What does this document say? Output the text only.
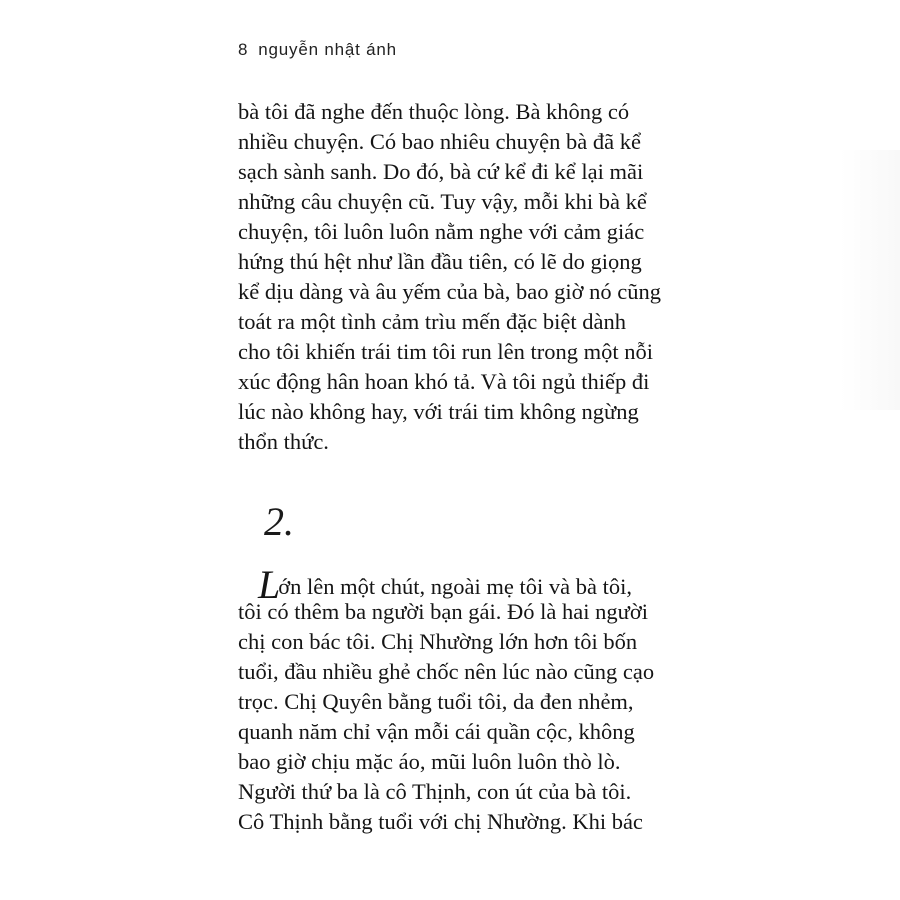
8 nguyễn nhật ánh
bà tôi đã nghe đến thuộc lòng. Bà không có
nhiều chuyện. Có bao nhiêu chuyện bà đã kể
sạch sành sanh. Do đó, bà cứ kể đi kể lại mãi
những câu chuyện cũ. Tuy vậy, mỗi khi bà kể
chuyện, tôi luôn luôn nằm nghe với cảm giác
hứng thú hệt như lần đầu tiên, có lẽ do giọng
kể dịu dàng và âu yếm của bà, bao giờ nó cũng
toát ra một tình cảm trìu mến đặc biệt dành
cho tôi khiến trái tim tôi run lên trong một nỗi
xúc động hân hoan khó tả. Và tôi ngủ thiếp đi
lúc nào không hay, với trái tim không ngừng
thổn thức.
2.
Lớn lên một chút, ngoài mẹ tôi và bà tôi,
tôi có thêm ba người bạn gái. Đó là hai người
chị con bác tôi. Chị Nhường lớn hơn tôi bốn
tuổi, đầu nhiều ghẻ chốc nên lúc nào cũng cạo
trọc. Chị Quyên bằng tuổi tôi, da đen nhẻm,
quanh năm chỉ vận mỗi cái quần cộc, không
bao giờ chịu mặc áo, mũi luôn luôn thò lò.
Người thứ ba là cô Thịnh, con út của bà tôi.
Cô Thịnh bằng tuổi với chị Nhường. Khi bác
